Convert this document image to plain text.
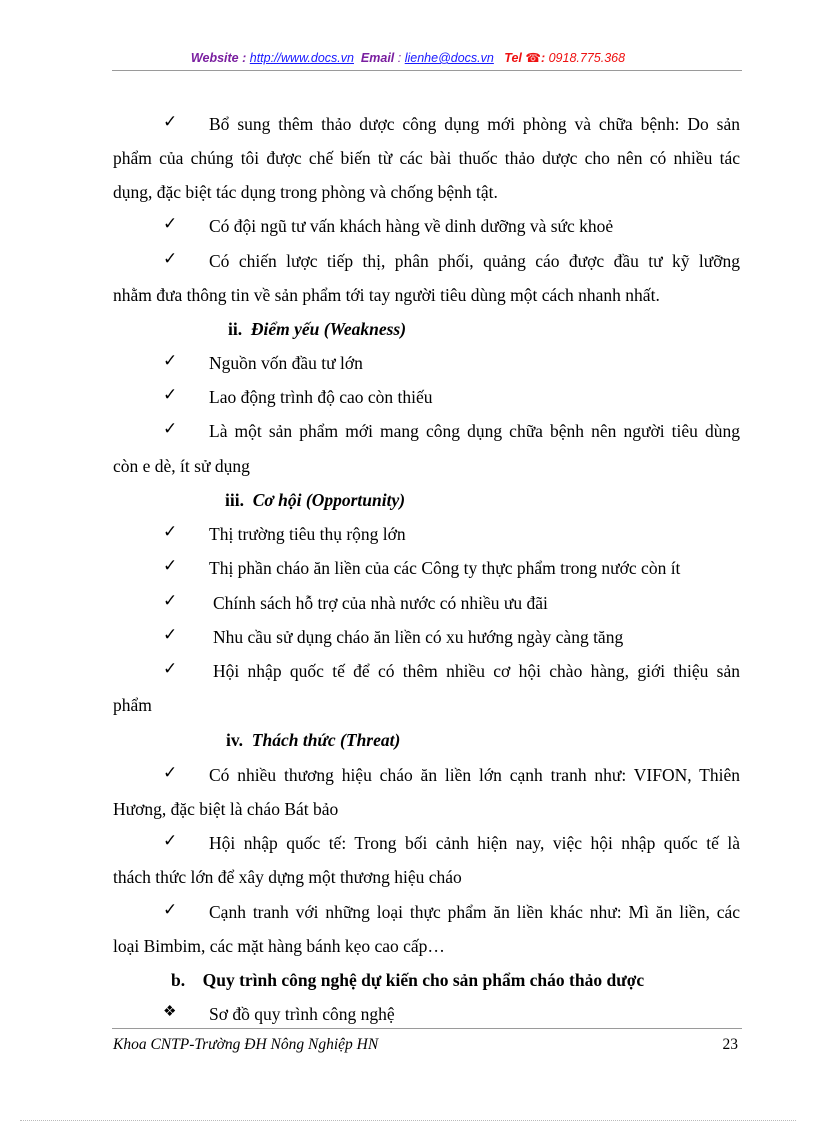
Website : http://www.docs.vn Email : lienhe@docs.vn Tel ☎: 0918.775.368
✓ Bổ sung thêm thảo dược công dụng mới phòng và chữa bệnh: Do sản
phẩm của chúng tôi được chế biến từ các bài thuốc thảo dược cho nên có nhiều tác
dụng, đặc biệt tác dụng trong phòng và chống bệnh tật.
✓ Có đội ngũ tư vấn khách hàng về dinh dưỡng và sức khoẻ
✓ Có chiến lược tiếp thị, phân phối, quảng cáo được đầu tư kỹ lưỡng
nhằm đưa thông tin về sản phẩm tới tay người tiêu dùng một cách nhanh nhất.
ii. Điểm yếu (Weakness)
✓ Nguồn vốn đầu tư lớn
✓ Lao động trình độ cao còn thiếu
✓ Là một sản phẩm mới mang công dụng chữa bệnh nên người tiêu dùng
còn e dè, ít sử dụng
iii. Cơ hội (Opportunity)
✓ Thị trường tiêu thụ rộng lớn
✓ Thị phần cháo ăn liền của các Công ty thực phẩm trong nước còn ít
✓ Chính sách hỗ trợ của nhà nước có nhiều ưu đãi
✓ Nhu cầu sử dụng cháo ăn liền có xu hướng ngày càng tăng
✓ Hội nhập quốc tế để có thêm nhiều cơ hội chào hàng, giới thiệu sản
phẩm
iv. Thách thức (Threat)
✓ Có nhiều thương hiệu cháo ăn liền lớn cạnh tranh như: VIFON, Thiên
Hương, đặc biệt là cháo Bát bảo
✓ Hội nhập quốc tế: Trong bối cảnh hiện nay, việc hội nhập quốc tế là
thách thức lớn để xây dựng một thương hiệu cháo
✓ Cạnh tranh với những loại thực phẩm ăn liền khác như: Mì ăn liền, các
loại Bimbim, các mặt hàng bánh kẹo cao cấp…
b. Quy trình công nghệ dự kiến cho sản phẩm cháo thảo dược
❖ Sơ đồ quy trình công nghệ
Khoa CNTP-Trường ĐH Nông Nghiệp HN	23
